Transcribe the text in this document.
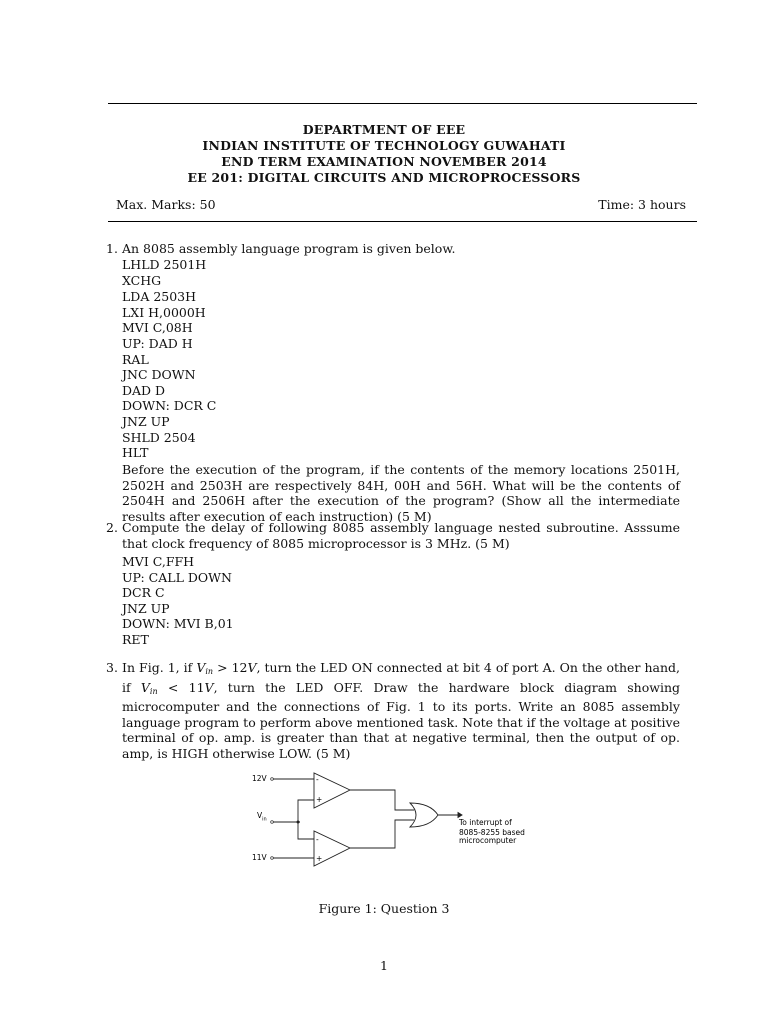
DEPARTMENT OF EEE
INDIAN INSTITUTE OF TECHNOLOGY GUWAHATI
END TERM EXAMINATION NOVEMBER 2014
EE 201: DIGITAL CIRCUITS AND MICROPROCESSORS
Max. Marks: 50	Time: 3 hours
1. An 8085 assembly language program is given below.
LHLD 2501H
XCHG
LDA 2503H
LXI H,0000H
MVI C,08H
UP: DAD H
RAL
JNC DOWN
DAD D
DOWN: DCR C
JNZ UP
SHLD 2504
HLT
Before the execution of the program, if the contents of the memory locations 2501H, 2502H and 2503H are respectively 84H, 00H and 56H. What will be the contents of 2504H and 2506H after the execution of the program? (Show all the intermediate results after execution of each instruction) (5 M)
2. Compute the delay of following 8085 assembly language nested subroutine. Asssume that clock frequency of 8085 microprocessor is 3 MHz. (5 M)
MVI C,FFH
UP: CALL DOWN
DCR C
JNZ UP
DOWN: MVI B,01
RET
3. In Fig. 1, if $V_{in} > 12V$, turn the LED ON connected at bit 4 of port A. On the other hand, if $V_{in} < 11V$, turn the LED OFF. Draw the hardware block diagram showing microcomputer and the connections of Fig. 1 to its ports. Write an 8085 assembly language program to perform above mentioned task. Note that if the voltage at positive terminal of op. amp. is greater than that at negative terminal, then the output of op. amp, is HIGH otherwise LOW. (5 M)
12V
$V_{in}$
11V
-
+
-
+
To interrupt of
8085-8255 based
microcomputer
Figure 1: Question 3
1
